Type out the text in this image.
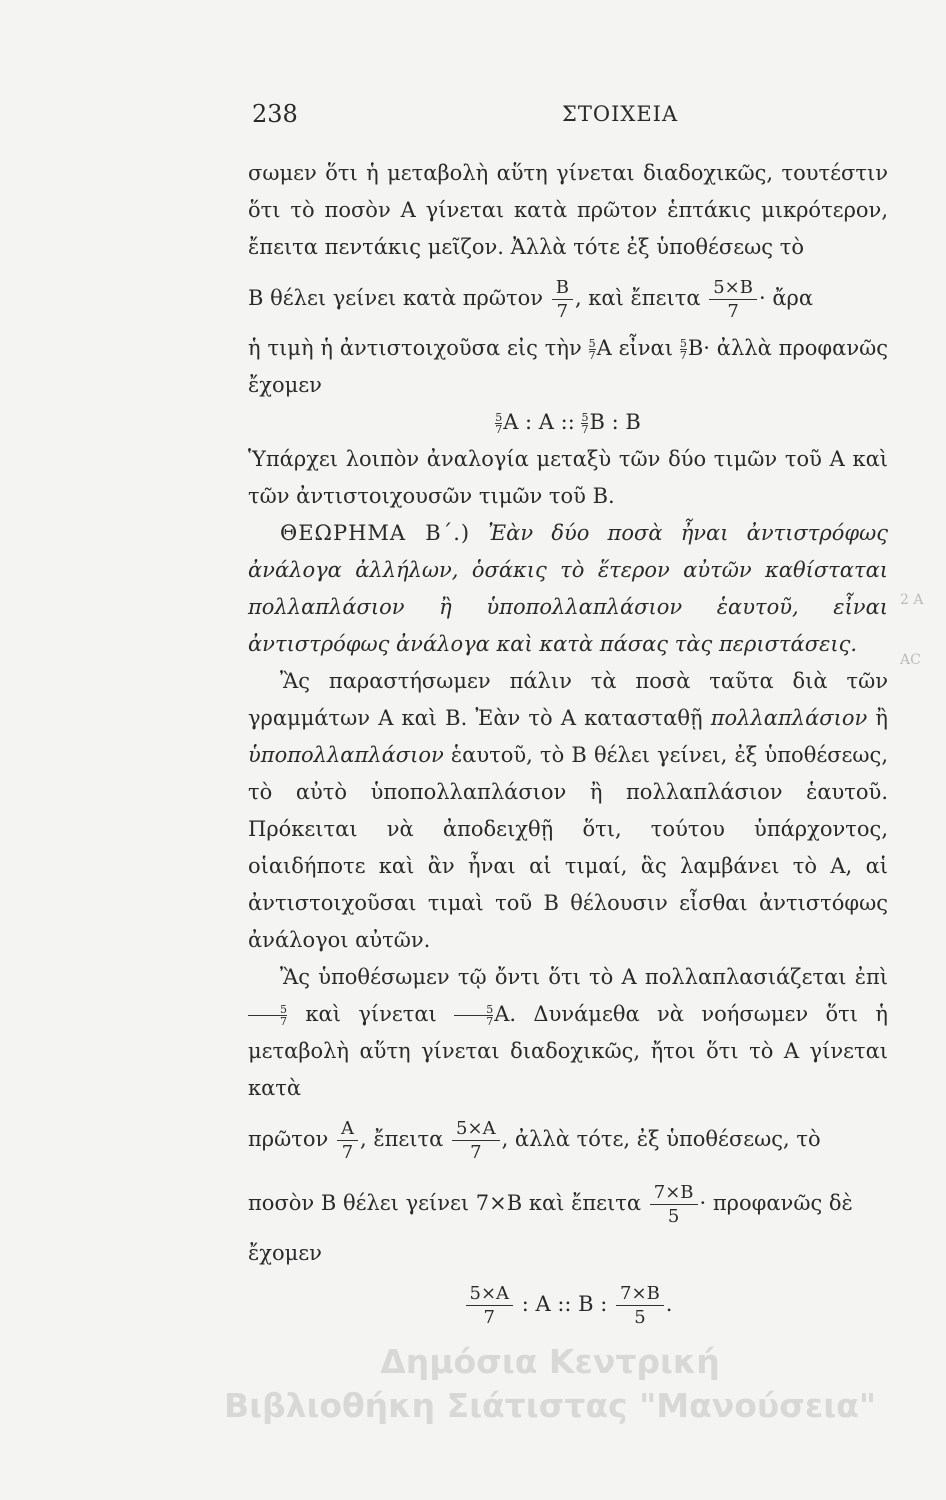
238	ΣΤΟΙΧΕΙΑ

σωμεν ὅτι ἡ μεταβολὴ αὕτη γίνεται διαδοχικῶς, τουτέστιν ὅτι τὸ ποσὸν A γίνεται κατὰ πρῶτον ἑπτάκις μικρότερον, ἔπειτα πεντάκις μεῖζον. Ἀλλὰ τότε ἐξ ὑποθέσεως τὸ

B θέλει γείνει κατὰ πρῶτον $\frac{B}{7}$ , καὶ ἔπειτα $\frac{5\times B}{7}$ · ἄρα

ἡ τιμὴ ἡ ἀντιστοιχοῦσα εἰς τὴν $\frac{5}{7}$ A εἶναι $\frac{5}{7} B\cdot$ ἀλλὰ προφανῶς ἔχομεν

$\frac{5}{7}$ A : A :: $\frac{5}{7}$ B : B

Ὑπάρχει λοιπὸν ἀναλογία μεταξὺ τῶν δύο τιμῶν τοῦ A καὶ τῶν ἀντιστοιχουσῶν τιμῶν τοῦ B.

ΘΕΩΡΗΜΑ Β΄.) Ἐὰν δύο ποσὰ ἦναι ἀντιστρόφως ἀνάλογα ἀλλήλων, ὁσάκις τὸ ἕτερον αὐτῶν καθίσταται πολλαπλάσιον ἢ ὑποπολλαπλάσιον ἑαυτοῦ, εἶναι ἀντιστρόφως ἀνάλογα καὶ κατὰ πάσας τὰς περιστάσεις.

Ἂς παραστήσωμεν πάλιν τὰ ποσὰ ταῦτα διὰ τῶν γραμμάτων A καὶ B. Ἐὰν τὸ A κατασταθῇ πολλαπλάσιον ἢ ὑποπολλαπλάσιον ἑαυτοῦ, τὸ B θέλει γείνει, ἐξ ὑποθέσεως, τὸ αὐτὸ ὑποπολλαπλάσιον ἢ πολλαπλάσιον ἑαυτοῦ. Πρόκειται νὰ ἀποδειχθῇ ὅτι, τούτου ὑπάρχοντος, οἱαιδήποτε καὶ ἂν ἦναι αἱ τιμαί, ἃς λαμβάνει τὸ A, αἱ ἀντιστοιχοῦσαι τιμαὶ τοῦ B θέλουσιν εἶσθαι ἀντιστόφως ἀνάλογοι αὐτῶν.

Ἂς ὑποθέσωμεν τῷ ὄντι ὅτι τὸ A πολλαπλασιάζεται ἐπὶ
$\frac{5}{7}$ καὶ γίνεται $\frac{5}{7} A$. Δυνάμεθα νὰ νοήσωμεν ὅτι ἡ μεταβολὴ αὕτη γίνεται διαδοχικῶς, ἤτοι ὅτι τὸ A γίνεται κατὰ

πρῶτον $\frac{A}{7}$ , ἔπειτα $\frac{5\times A}{7}$ , ἀλλὰ τότε, ἐξ ὑποθέσεως, τὸ

ποσὸν B θέλει γείνει 7×B καὶ ἔπειτα $\frac{7\times B}{5}$ · προφανῶς δὲ

ἔχομεν

$\frac{5\times A}{7}$ : A :: B : $\frac{7\times B}{5}$ .

2 A
AC
Δημόσια Κεντρική
Βιβλιοθήκη Σιάτιστας "Μανούσεια"
